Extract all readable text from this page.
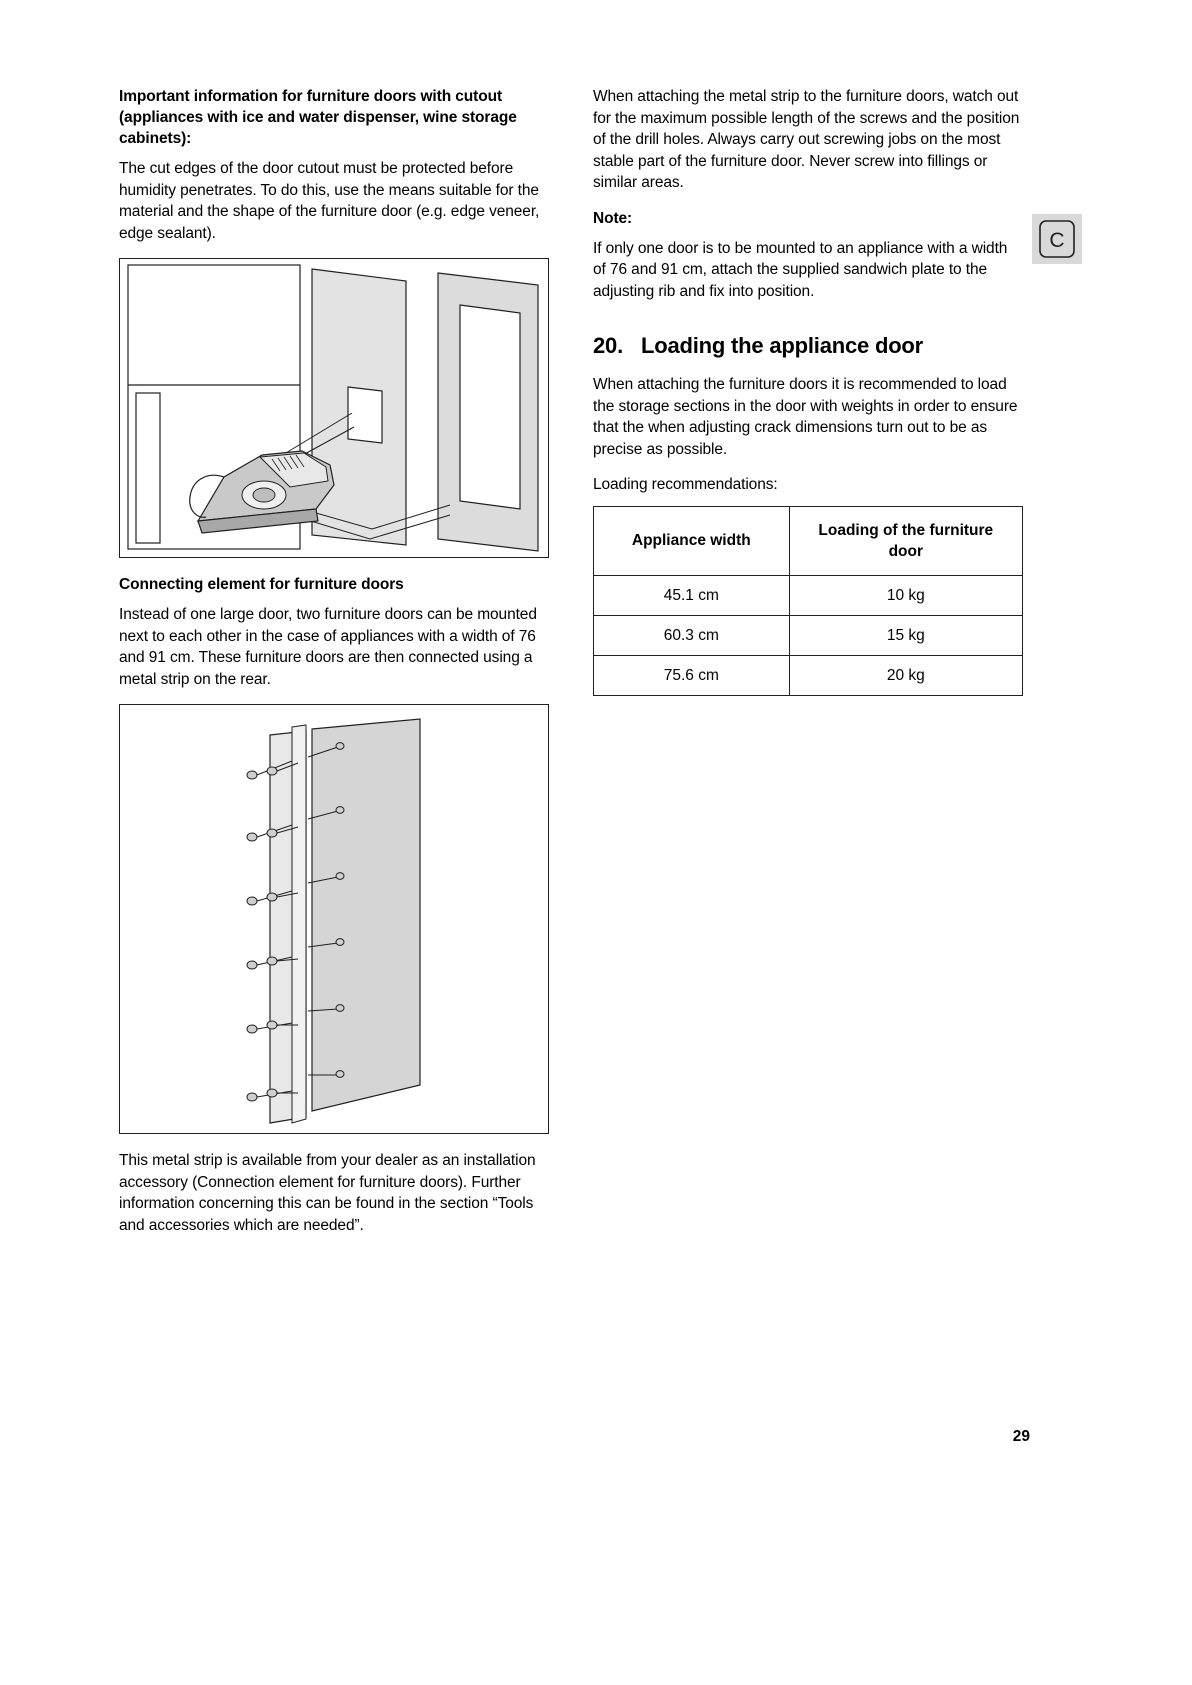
Important information for furniture doors with cutout (appliances with ice and water dispenser, wine storage cabinets):

The cut edges of the door cutout must be protected before humidity penetrates. To do this, use the means suitable for the material and the shape of the furniture door (e.g. edge veneer, edge sealant).

Connecting element for furniture doors

Instead of one large door, two furniture doors can be mounted next to each other in the case of appliances with a width of 76 and 91 cm. These furniture doors are then connected using a metal strip on the rear.

This metal strip is available from your dealer as an installation accessory (Connection element for furniture doors). Further information concerning this can be found in the section “Tools and accessories which are needed”.

When attaching the metal strip to the furniture doors, watch out for the maximum possible length of the screws and the position of the drill holes. Always carry out screwing jobs on the most stable part of the furniture door. Never screw into fillings or similar areas.

Note:

If only one door is to be mounted to an appliance with a width of 76 and 91 cm, attach the supplied sandwich plate to the adjusting rib and fix into position.

20. Loading the appliance door

When attaching the furniture doors it is recommended to load the storage sections in the door with weights in order to ensure that the when adjusting crack dimensions turn out to be as precise as possible.

Loading recommendations:

Appliance width	Loading of the furniture door
45.1 cm	10 kg
60.3 cm	15 kg
75.6 cm	20 kg
C
29
